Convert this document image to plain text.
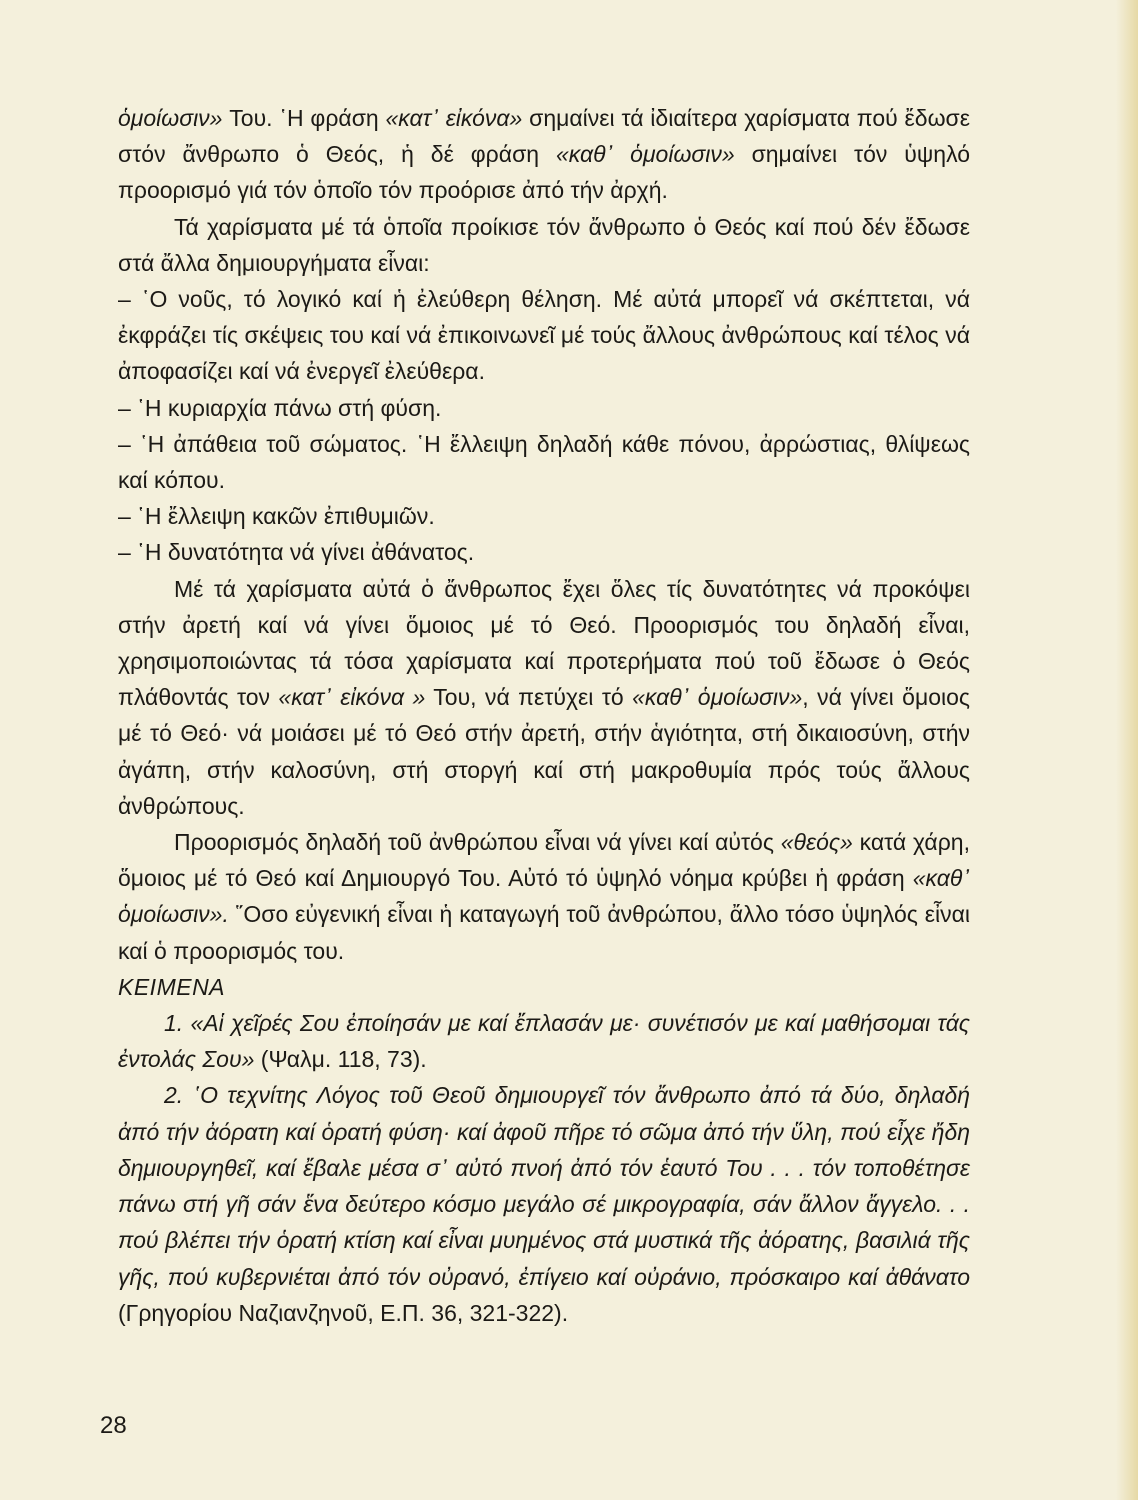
ὁμοίωσιν» Του. ῾Η φράση «κατ᾽ εἰκόνα» σημαίνει τά ἰδιαίτερα χαρίσματα πού ἔδωσε στόν ἄνθρωπο ὁ Θεός, ἡ δέ φράση «καθ᾽ ὁμοίωσιν» σημαίνει τόν ὑψηλό προορισμό γιά τόν ὁποῖο τόν προόρισε ἀπό τήν ἀρχή.

Τά χαρίσματα μέ τά ὁποῖα προίκισε τόν ἄνθρωπο ὁ Θεός καί πού δέν ἔδωσε στά ἄλλα δημιουργήματα εἶναι:

– ῾Ο νοῦς, τό λογικό καί ἡ ἐλεύθερη θέληση. Μέ αὐτά μπορεῖ νά σκέπτεται, νά ἐκφράζει τίς σκέψεις του καί νά ἐπικοινωνεῖ μέ τούς ἄλλους ἀνθρώπους καί τέλος νά ἀποφασίζει καί νά ἐνεργεῖ ἐλεύθερα.

– ῾Η κυριαρχία πάνω στή φύση.

– ῾Η ἀπάθεια τοῦ σώματος. ῾Η ἔλλειψη δηλαδή κάθε πόνου, ἀρρώστιας, θλίψεως καί κόπου.

– ῾Η ἔλλειψη κακῶν ἐπιθυμιῶν.

– ῾Η δυνατότητα νά γίνει ἀθάνατος.

Μέ τά χαρίσματα αὐτά ὁ ἄνθρωπος ἔχει ὅλες τίς δυνατότητες νά προκόψει στήν ἀρετή καί νά γίνει ὅμοιος μέ τό Θεό. Προορισμός του δηλαδή εἶναι, χρησιμοποιώντας τά τόσα χαρίσματα καί προτερήματα πού τοῦ ἔδωσε ὁ Θεός πλάθοντάς τον «κατ᾽ εἰκόνα » Του, νά πετύχει τό «καθ᾽ ὁμοίωσιν», νά γίνει ὅμοιος μέ τό Θεό· νά μοιάσει μέ τό Θεό στήν ἀρετή, στήν ἁγιότητα, στή δικαιοσύνη, στήν ἀγάπη, στήν καλοσύνη, στή στοργή καί στή μακροθυμία πρός τούς ἄλλους ἀνθρώπους.

Προορισμός δηλαδή τοῦ ἀνθρώπου εἶναι νά γίνει καί αὐτός «θεός» κατά χάρη, ὅμοιος μέ τό Θεό καί Δημιουργό Του. Αὐτό τό ὑψηλό νόημα κρύβει ἡ φράση «καθ᾽ ὁμοίωσιν». ῞Οσο εὐγενική εἶναι ἡ καταγωγή τοῦ ἀνθρώπου, ἄλλο τόσο ὑψηλός εἶναι καί ὁ προορισμός του.

ΚΕΙΜΕΝΑ

1. «Αἱ χεῖρές Σου ἐποίησάν με καί ἔπλασάν με· συνέτισόν με καί μαθήσομαι τάς ἐντολάς Σου» (Ψαλμ. 118, 73).

2. ῾Ο τεχνίτης Λόγος τοῦ Θεοῦ δημιουργεῖ τόν ἄνθρωπο ἀπό τά δύο, δηλαδή ἀπό τήν ἀόρατη καί ὁρατή φύση· καί ἀφοῦ πῆρε τό σῶμα ἀπό τήν ὕλη, πού εἶχε ἤδη δημιουργηθεῖ, καί ἔβαλε μέσα σ᾽ αὐτό πνοή ἀπό τόν ἑαυτό Του . . . τόν τοποθέτησε πάνω στή γῆ σάν ἕνα δεύτερο κόσμο μεγάλο σέ μικρογραφία, σάν ἄλλον ἄγγελο. . . πού βλέπει τήν ὁρατή κτίση καί εἶναι μυημένος στά μυστικά τῆς ἀόρατης, βασιλιά τῆς γῆς, πού κυβερνιέται ἀπό τόν οὐρανό, ἐπίγειο καί οὐράνιο, πρόσκαιρο καί ἀθάνατο (Γρηγορίου Ναζιανζηνοῦ, Ε.Π. 36, 321-322).

28
